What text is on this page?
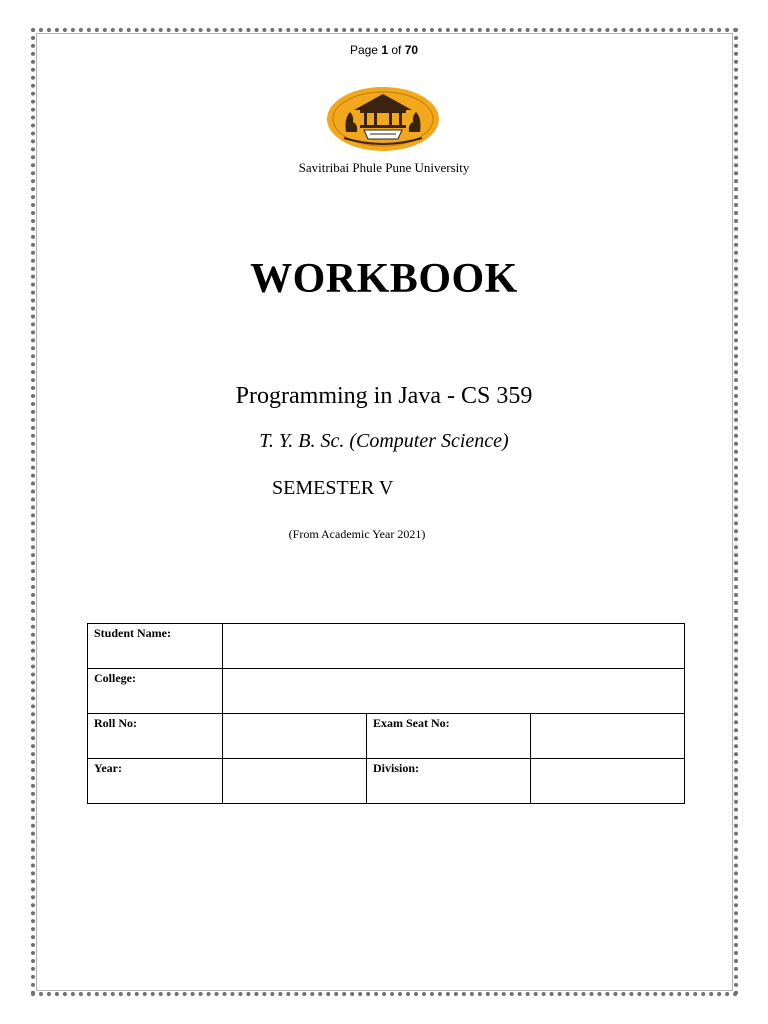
Page 1 of 70
Savitribai Phule Pune University
WORKBOOK
Programming in Java - CS 359
T. Y. B. Sc. (Computer Science)
SEMESTER V
(From Academic Year 2021)
Student Name:			
College:			
Roll No:		Exam Seat No:	
Year:		Division:	
